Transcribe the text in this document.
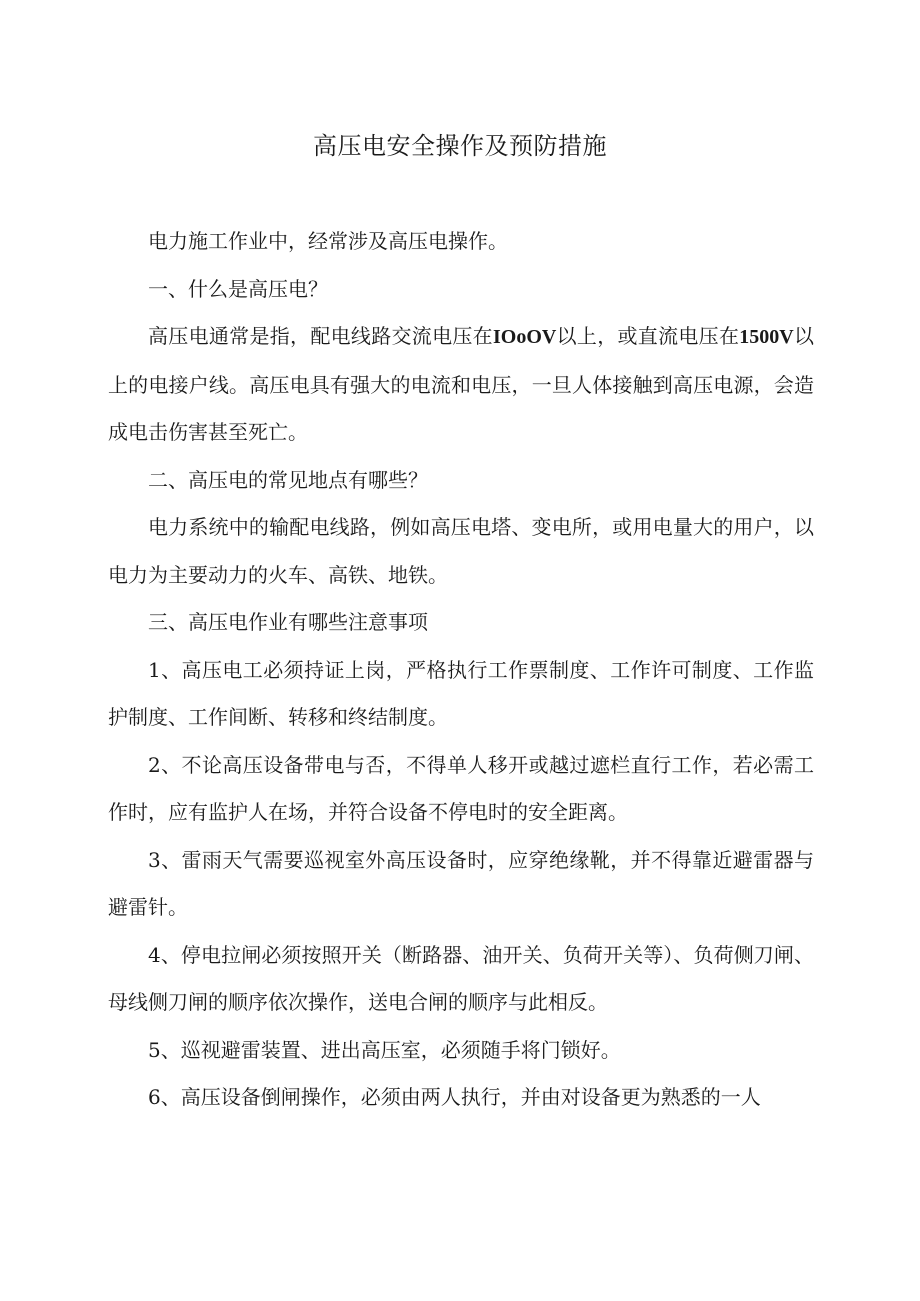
高压电安全操作及预防措施

电力施工作业中，经常涉及高压电操作。

一、什么是高压电？

高压电通常是指，配电线路交流电压在IOoOV以上，或直流电压在1500V以上的电接户线。高压电具有强大的电流和电压，一旦人体接触到高压电源，会造成电击伤害甚至死亡。

二、高压电的常见地点有哪些？

电力系统中的输配电线路，例如高压电塔、变电所，或用电量大的用户，以电力为主要动力的火车、高铁、地铁。

三、高压电作业有哪些注意事项

1、高压电工必须持证上岗，严格执行工作票制度、工作许可制度、工作监护制度、工作间断、转移和终结制度。

2、不论高压设备带电与否，不得单人移开或越过遮栏直行工作，若必需工作时，应有监护人在场，并符合设备不停电时的安全距离。

3、雷雨天气需要巡视室外高压设备时，应穿绝缘靴，并不得靠近避雷器与避雷针。

4、停电拉闸必须按照开关（断路器、油开关、负荷开关等）、负荷侧刀闸、母线侧刀闸的顺序依次操作，送电合闸的顺序与此相反。

5、巡视避雷装置、进出高压室，必须随手将门锁好。

6、高压设备倒闸操作，必须由两人执行，并由对设备更为熟悉的一人
